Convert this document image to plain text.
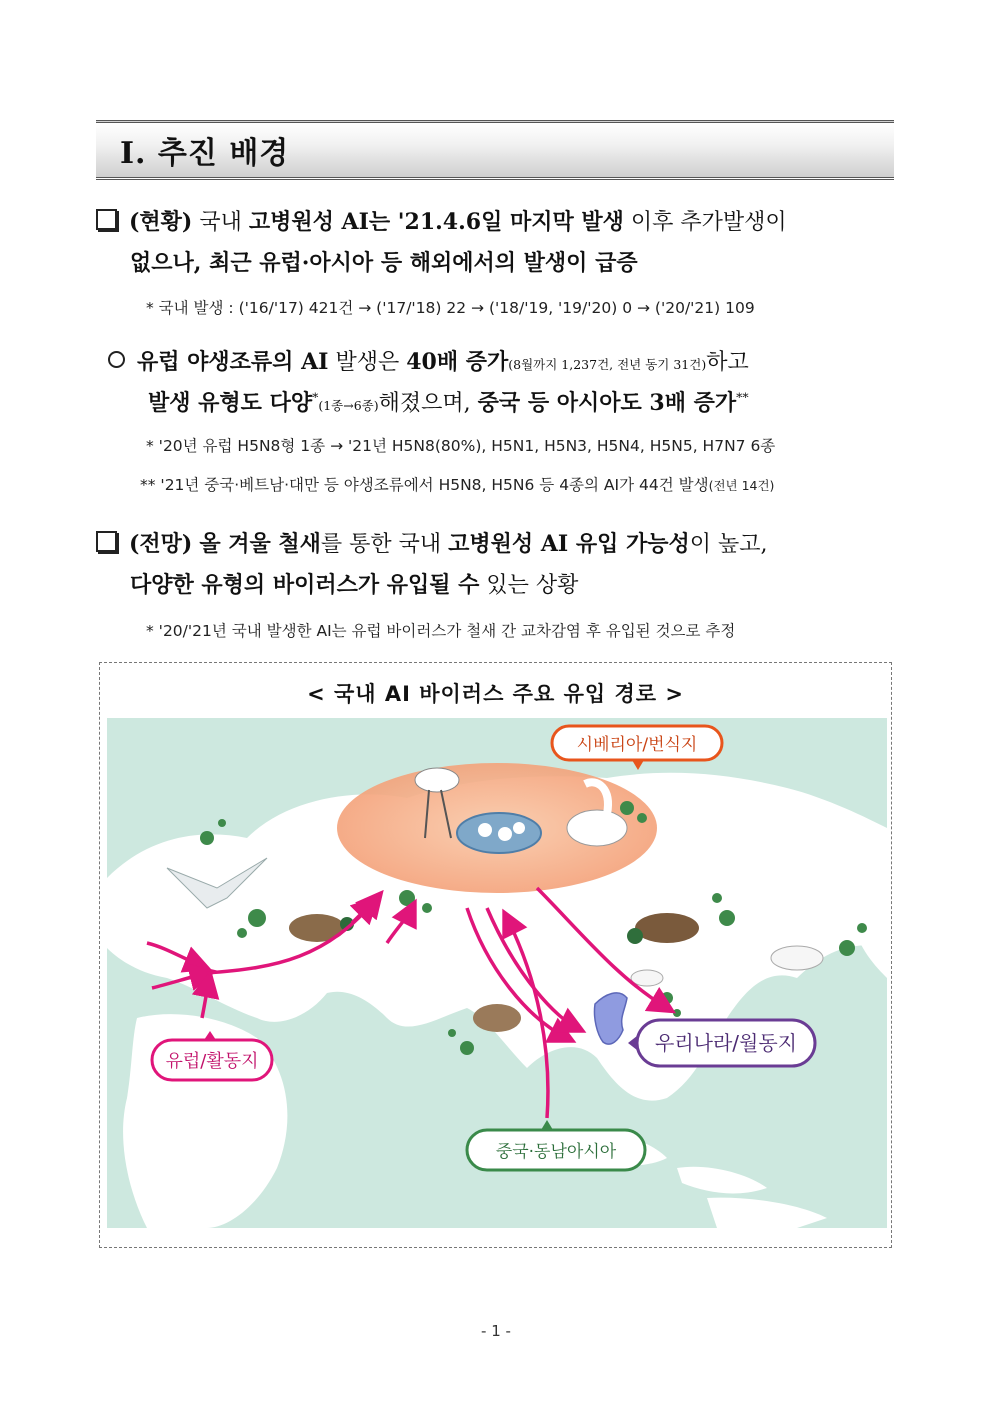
Ⅰ. 추진 배경
(현황) 국내 고병원성 AI는 '21.4.6일 마지막 발생 이후 추가발생이
없으나, 최근 유럽·아시아 등 해외에서의 발생이 급증
* 국내 발생 : ('16/'17) 421건 → ('17/'18) 22 → ('18/'19, '19/'20) 0 → ('20/'21) 109
유럽 야생조류의 AI 발생은 40배 증가(8월까지 1,237건, 전년 동기 31건)하고
발생 유형도 다양*(1종→6종)해졌으며, 중국 등 아시아도 3배 증가**
* '20년 유럽 H5N8형 1종 → '21년 H5N8(80%), H5N1, H5N3, H5N4, H5N5, H7N7 6종
** '21년 중국·베트남·대만 등 야생조류에서 H5N8, H5N6 등 4종의 AI가 44건 발생(전년 14건)
(전망) 올 겨울 철새를 통한 국내 고병원성 AI 유입 가능성이 높고,
다양한 유형의 바이러스가 유입될 수 있는 상황
* '20/'21년 국내 발생한 AI는 유럽 바이러스가 철새 간 교차감염 후 유입된 것으로 추정
< 국내 AI 바이러스 주요 유입 경로 >
시베리아/번식지
우리나라/월동지
유럽/활동지
중국·동남아시아
- 1 -
